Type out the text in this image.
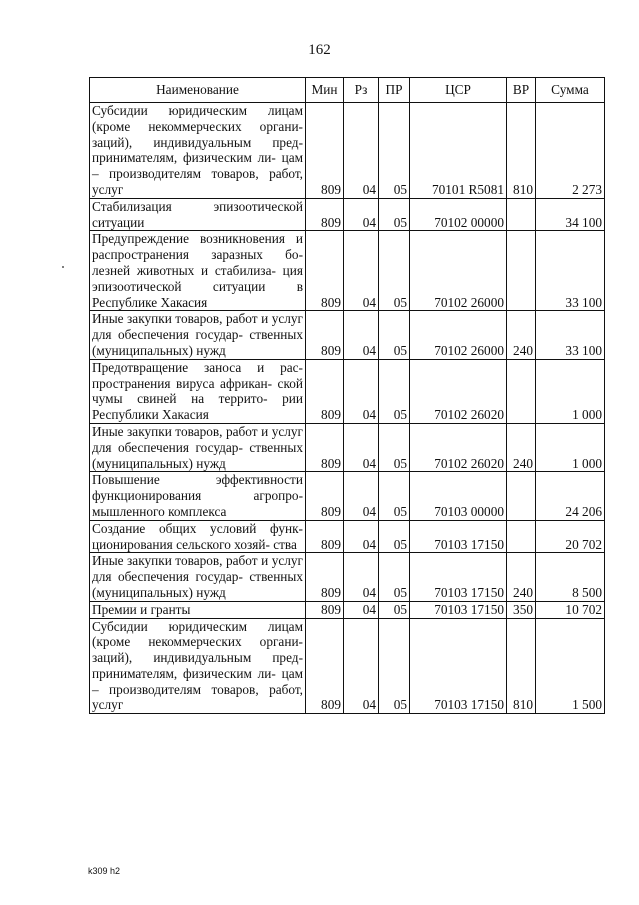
162
Наименование	Мин	Рз	ПР	ЦСР	ВР	Сумма
Субсидии юридическим лицам (кроме некоммерческих органи- заций), индивидуальным пред- принимателям, физическим ли- цам – производителям товаров, работ, услуг	809	04	05	70101 R5081	810	2 273
Стабилизация эпизоотической ситуации	809	04	05	70102 00000		34 100
Предупреждение возникновения и распространения заразных бо- лезней животных и стабилиза- ция эпизоотической ситуации в Республике Хакасия	809	04	05	70102 26000		33 100
Иные закупки товаров, работ и услуг для обеспечения государ- ственных (муниципальных) нужд	809	04	05	70102 26000	240	33 100
Предотвращение заноса и рас- пространения вируса африкан- ской чумы свиней на террито- рии Республики Хакасия	809	04	05	70102 26020		1 000
Иные закупки товаров, работ и услуг для обеспечения государ- ственных (муниципальных) нужд	809	04	05	70102 26020	240	1 000
Повышение эффективности функционирования агропро- мышленного комплекса	809	04	05	70103 00000		24 206
Создание общих условий функ- ционирования сельского хозяй- ства	809	04	05	70103 17150		20 702
Иные закупки товаров, работ и услуг для обеспечения государ- ственных (муниципальных) нужд	809	04	05	70103 17150	240	8 500
Премии и гранты	809	04	05	70103 17150	350	10 702
Субсидии юридическим лицам (кроме некоммерческих органи- заций), индивидуальным пред- принимателям, физическим ли- цам – производителям товаров, работ, услуг	809	04	05	70103 17150	810	1 500
k309 h2
